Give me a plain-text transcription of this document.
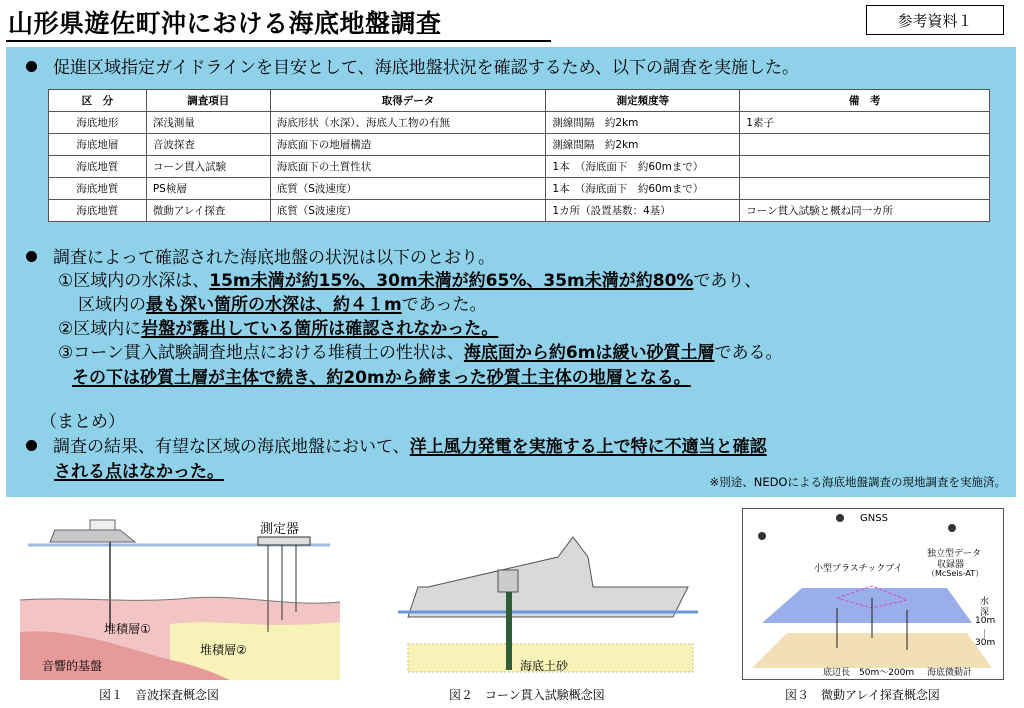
山形県遊佐町沖における海底地盤調査	参考資料１
促進区域指定ガイドラインを目安として、海底地盤状況を確認するため、以下の調査を実施した。
区　分	調査項目	取得データ	測定頻度等	備　考
海底地形	深浅測量	海底形状（水深）、海底人工物の有無	測線間隔　約2km	1素子
海底地層	音波探査	海底面下の地層構造	測線間隔　約2km	
海底地質	コーン貫入試験	海底面下の土質性状	1本　（海底面下　約60mまで）	
海底地質	PS検層	底質（S波速度）	1本　（海底面下　約60mまで）	
海底地質	微動アレイ探査	底質（S波速度）	1カ所（設置基数：4基）	コーン貫入試験と概ね同一カ所
調査によって確認された海底地盤の状況は以下のとおり。
①区域内の水深は、15m未満が約15%、30m未満が約65%、35m未満が約80%であり、
区域内の最も深い箇所の水深は、約４１mであった。
②区域内に岩盤が露出している箇所は確認されなかった。
③コーン貫入試験調査地点における堆積土の性状は、海底面から約6mは緩い砂質土層である。
その下は砂質土層が主体で続き、約20mから締まった砂質土主体の地層となる。
（まとめ）
調査の結果、有望な区域の海底地盤において、洋上風力発電を実施する上で特に不適当と確認
される点はなかった。	※別途、NEDOによる海底地盤調査の現地調査を実施済。
測定器
堆積層①
堆積層②
音響的基盤
図１　音波探査概念図
海底土砂
図２　コーン貫入試験概念図
GNSS
小型プラスチックブイ
独立型データ
収録器
（McSeis-AT）
水
深
10m
｜
30m
底辺長　50m～200m 海底微動計
図３　微動アレイ探査概念図
